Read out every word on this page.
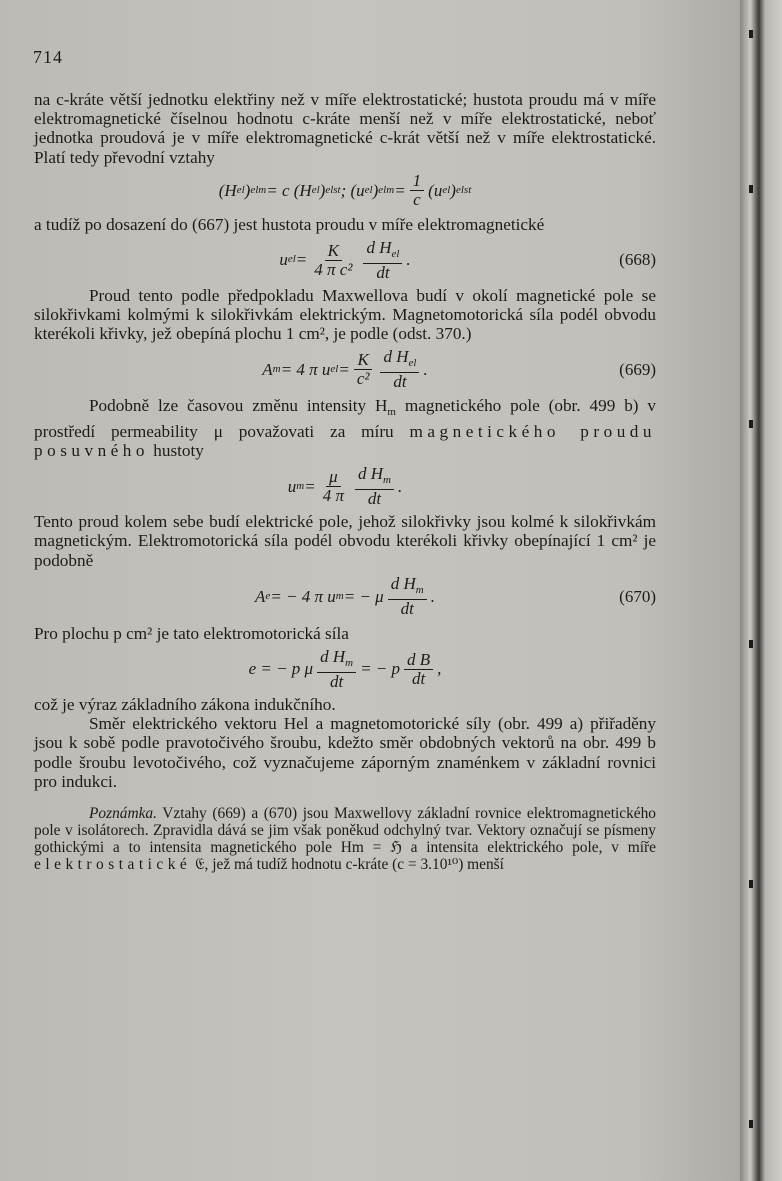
714

na c-kráte větší jednotku elektřiny než v míře elektrostatické; hustota proudu má v míře elektromagnetické číselnou hodnotu c-kráte menší než v míře elektrostatické, neboť jednotka proudová je v míře elektromagnetické c-krát větší než v míře elektrostatické. Platí tedy převodní vztahy

(H el ) elm = c (H el ) elst ; (u el ) elm = $\frac{1}{c} (u$ el ) elst

a tudíž po dosazení do (667) jest hustota proudu v míře elektromagnetické

u el = $\frac{K}{\text{4 π c²}} \frac{d H_{el}}{dt}$ .	(668)

Proud tento podle předpokladu Maxwellova budí v okolí magnetické pole se silokřivkami kolmými k silokřivkám elektrickým. Magnetomotorická síla podél obvodu kterékoli křivky, jež obepíná plochu 1 cm², je podle (odst. 370.)

A m = 4 π u el = $\frac{K}{\text{c²}} \frac{d H_{el}}{dt}$ .	(669)

Podobně lze časovou změnu intensity $H_m$ magnetického pole (obr. 499 b) v prostředí permeability μ považovati za míru magnetického proudu posuvného hustoty

u $m = \frac{\mu}{4 \pi} \frac{d H_m}{dt}$ .

Tento proud kolem sebe budí elektrické pole, jehož silokřivky jsou kolmé k silokřivkám magnetickým. Elektromotorická síla podél obvodu kterékoli křivky obepínající 1 cm² je podobně

A e = − 4 π u m = − μ $\frac{d H_m}{dt}$ .	(670)

Pro plochu p cm² je tato elektromotorická síla

e = − p μ $\frac{d H_m}{dt}$ = − p $\frac{\text{d B}}{dt}$ ,

což je výraz základního zákona indukčního.

Směr elektrického vektoru Hel a magnetomotorické síly (obr. 499 a) přiřaděny jsou k sobě podle pravotočivého šroubu, kdežto směr obdobných vektorů na obr. 499 b podle šroubu levotočivého, což vyznačujeme záporným znaménkem v základní rovnici pro indukci.

Poznámka. Vztahy (669) a (670) jsou Maxwellovy základní rovnice elektromagnetického pole v isolátorech. Zpravidla dává se jim však poněkud odchylný tvar. Vektory označují se písmeny gothickými a to intensita magnetického pole Hm = ℌ a intensita elektrického pole, v míře elektrostatické 𝔈, jež má tudíž hodnotu c-kráte (c = 3.10¹⁰) menší
